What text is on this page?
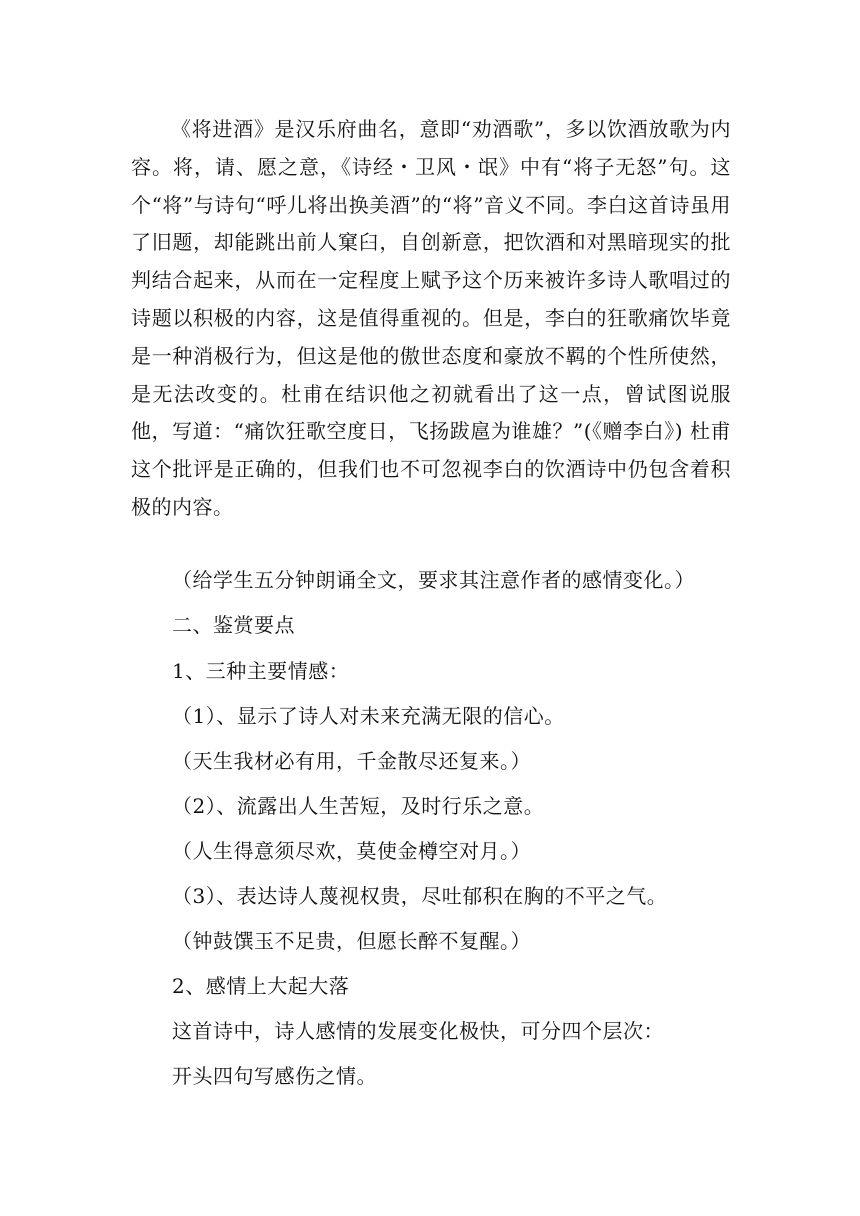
《将进酒》是汉乐府曲名，意即“劝酒歌”，多以饮酒放歌为内容。将，请、愿之意，《诗经・卫风・氓》中有“将子无怒”句。这个“将”与诗句“呼儿将出换美酒”的“将”音义不同。李白这首诗虽用了旧题，却能跳出前人窠臼，自创新意，把饮酒和对黑暗现实的批判结合起来，从而在一定程度上赋予这个历来被许多诗人歌唱过的诗题以积极的内容，这是值得重视的。但是，李白的狂歌痛饮毕竟是一种消极行为，但这是他的傲世态度和豪放不羁的个性所使然，是无法改变的。杜甫在结识他之初就看出了这一点，曾试图说服他，写道：“痛饮狂歌空度日，飞扬跋扈为谁雄？”(《赠李白》) 杜甫这个批评是正确的，但我们也不可忽视李白的饮酒诗中仍包含着积极的内容。

（给学生五分钟朗诵全文，要求其注意作者的感情变化。）
二、鉴赏要点
1、三种主要情感：
（1）、显示了诗人对未来充满无限的信心。
（天生我材必有用，千金散尽还复来。）
（2）、流露出人生苦短，及时行乐之意。
（人生得意须尽欢，莫使金樽空对月。）
（3）、表达诗人蔑视权贵，尽吐郁积在胸的不平之气。
（钟鼓馔玉不足贵，但愿长醉不复醒。）
2、感情上大起大落
这首诗中，诗人感情的发展变化极快，可分四个层次：
开头四句写感伤之情。
